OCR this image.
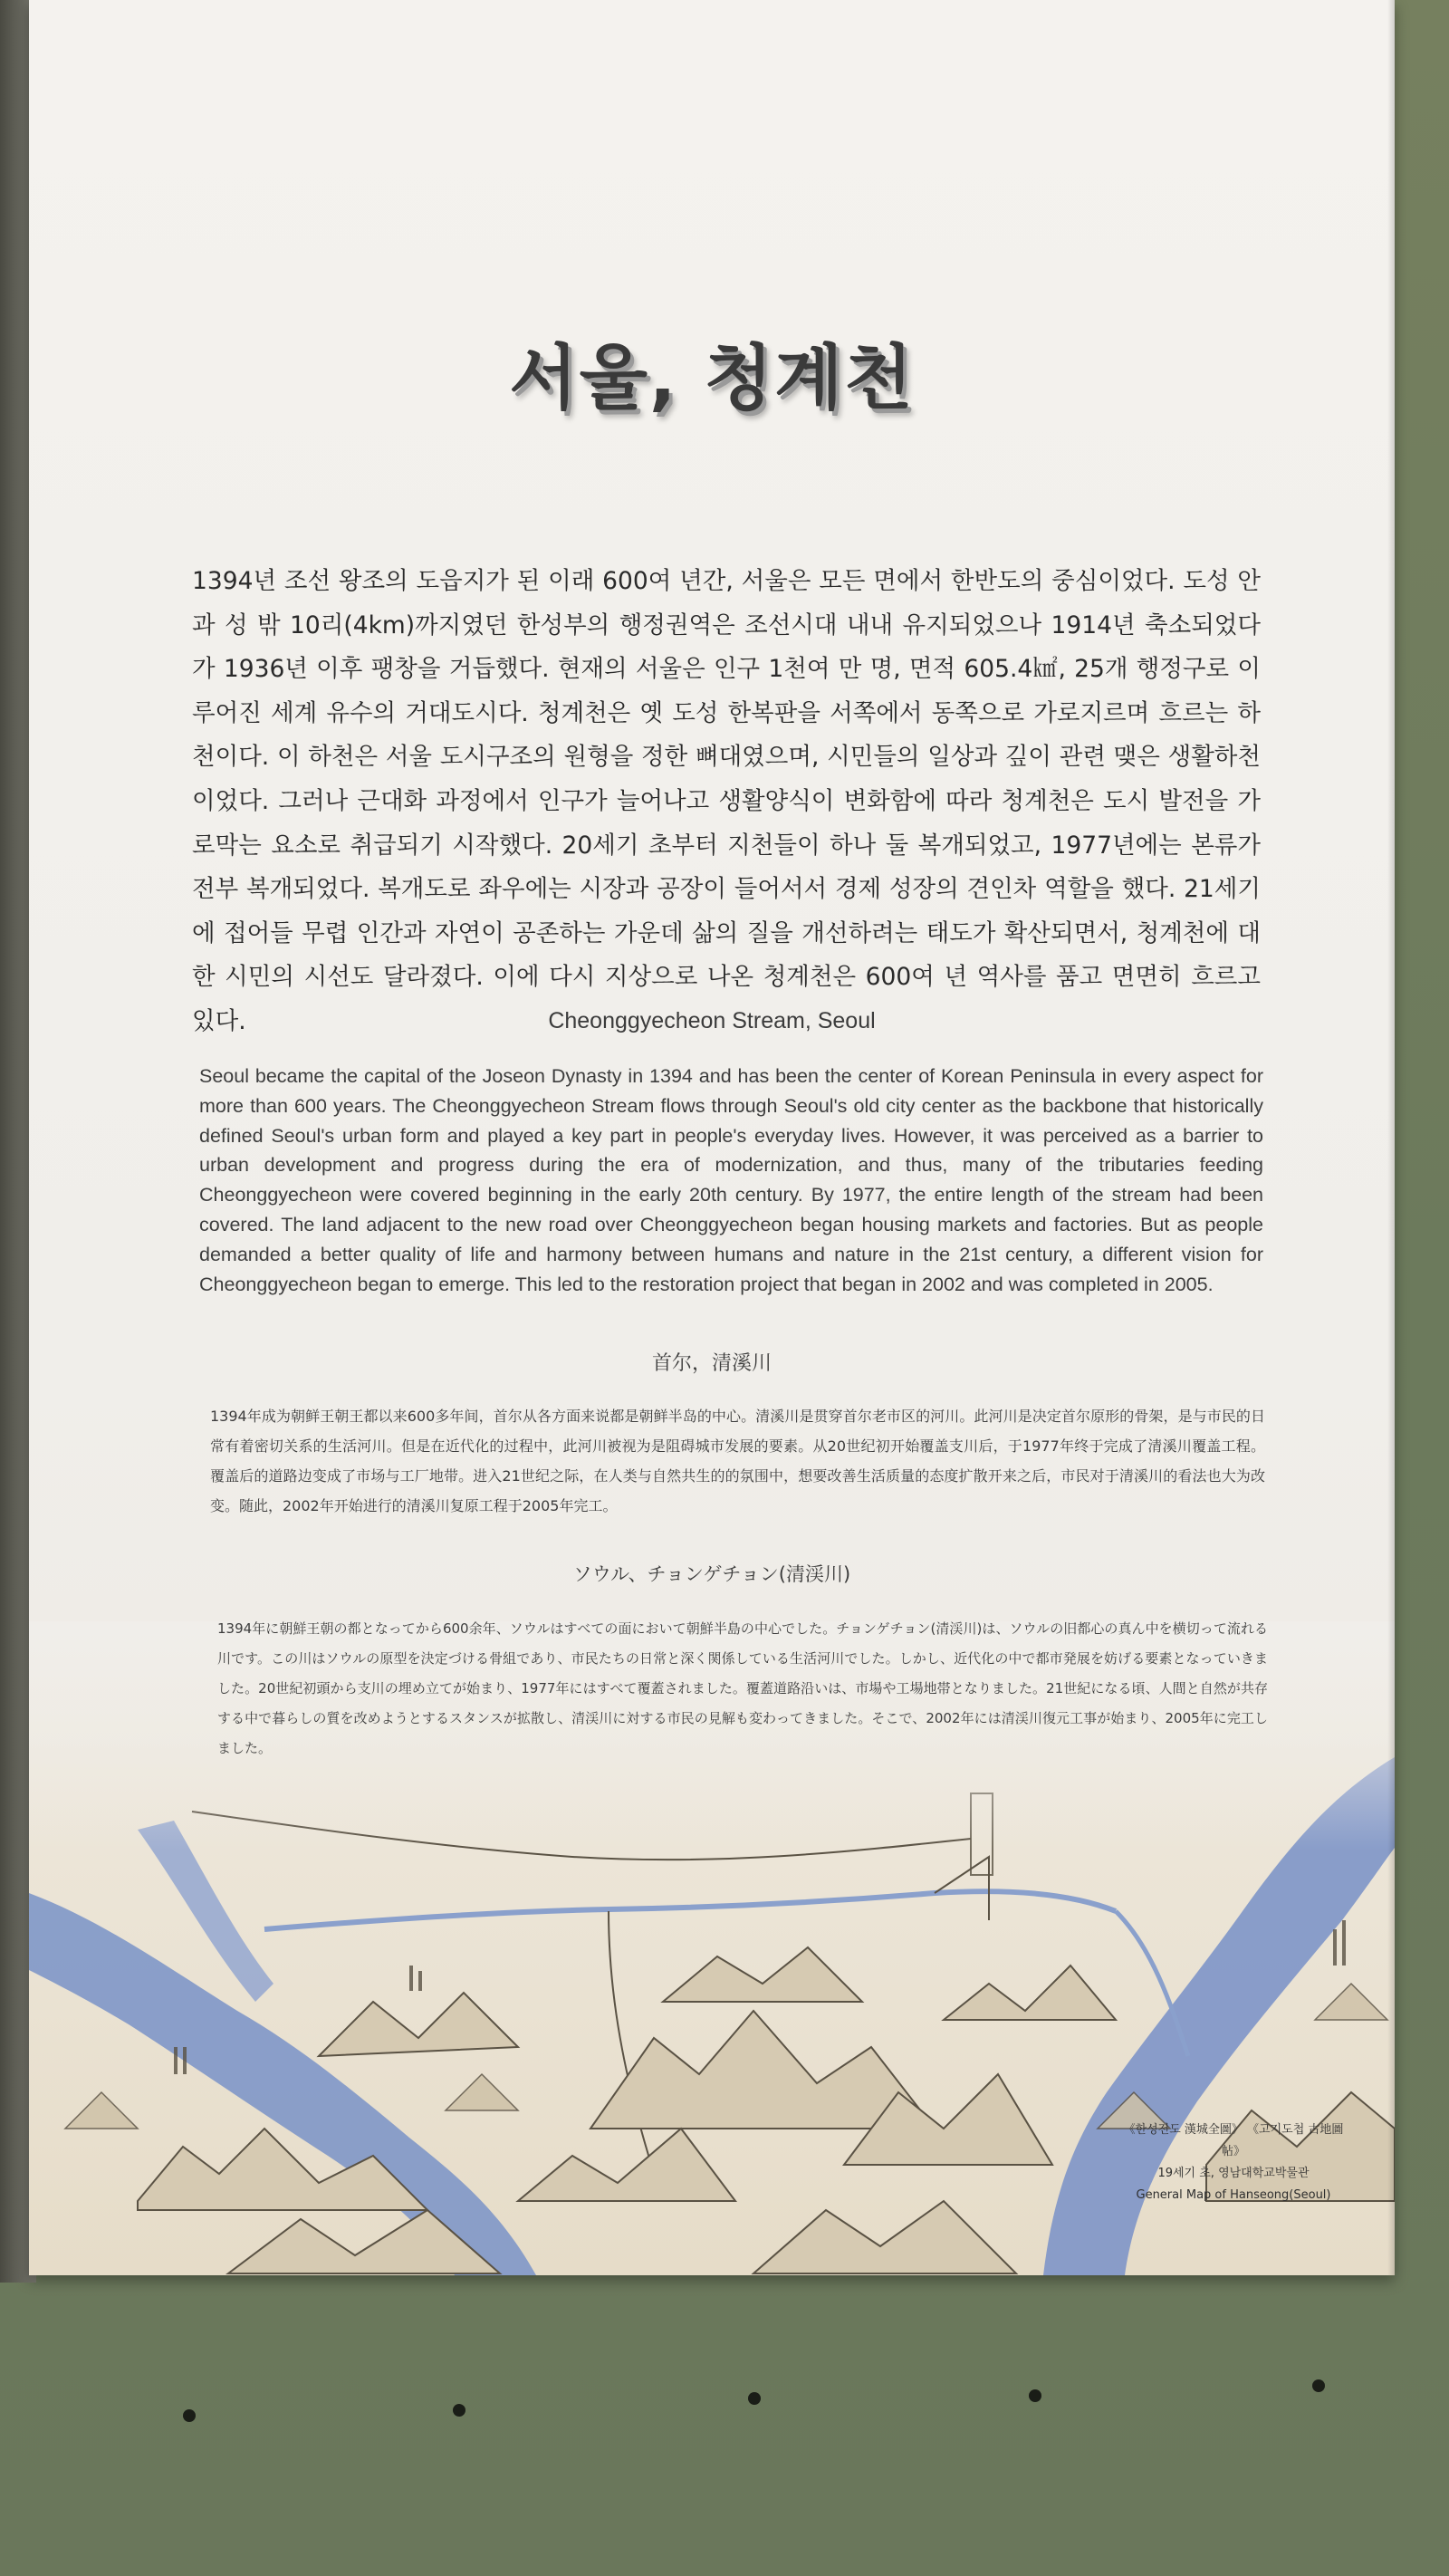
서울, 청계천
1394년 조선 왕조의 도읍지가 된 이래 600여 년간, 서울은 모든 면에서 한반도의 중심이었다. 도성 안과 성 밖 10리(4km)까지였던 한성부의 행정권역은 조선시대 내내 유지되었으나 1914년 축소되었다가 1936년 이후 팽창을 거듭했다. 현재의 서울은 인구 1천여 만 명, 면적 605.4㎢, 25개 행정구로 이루어진 세계 유수의 거대도시다. 청계천은 옛 도성 한복판을 서쪽에서 동쪽으로 가로지르며 흐르는 하천이다. 이 하천은 서울 도시구조의 원형을 정한 뼈대였으며, 시민들의 일상과 깊이 관련 맺은 생활하천이었다. 그러나 근대화 과정에서 인구가 늘어나고 생활양식이 변화함에 따라 청계천은 도시 발전을 가로막는 요소로 취급되기 시작했다. 20세기 초부터 지천들이 하나 둘 복개되었고, 1977년에는 본류가 전부 복개되었다. 복개도로 좌우에는 시장과 공장이 들어서서 경제 성장의 견인차 역할을 했다. 21세기에 접어들 무렵 인간과 자연이 공존하는 가운데 삶의 질을 개선하려는 태도가 확산되면서, 청계천에 대한 시민의 시선도 달라졌다. 이에 다시 지상으로 나온 청계천은 600여 년 역사를 품고 면면히 흐르고 있다.	Cheonggyecheon Stream, Seoul
Seoul became the capital of the Joseon Dynasty in 1394 and has been the center of Korean Peninsula in every aspect for more than 600 years. The Cheonggyecheon Stream flows through Seoul's old city center as the backbone that historically defined Seoul's urban form and played a key part in people's everyday lives. However, it was perceived as a barrier to urban development and progress during the era of modernization, and thus, many of the tributaries feeding Cheonggyecheon were covered beginning in the early 20th century. By 1977, the entire length of the stream had been covered. The land adjacent to the new road over Cheonggyecheon began housing markets and factories. But as people demanded a better quality of life and harmony between humans and nature in the 21st century, a different vision for Cheonggyecheon began to emerge. This led to the restoration project that began in 2002 and was completed in 2005.
首尔，清溪川
1394年成为朝鲜王朝王都以来600多年间，首尔从各方面来说都是朝鲜半岛的中心。清溪川是贯穿首尔老市区的河川。此河川是决定首尔原形的骨架，是与市民的日常有着密切关系的生活河川。但是在近代化的过程中，此河川被视为是阻碍城市发展的要素。从20世纪初开始覆盖支川后，于1977年终于完成了清溪川覆盖工程。覆盖后的道路边变成了市场与工厂地带。进入21世纪之际，在人类与自然共生的的氛围中，想要改善生活质量的态度扩散开来之后，市民对于清溪川的看法也大为改变。随此，2002年开始进行的清溪川复原工程于2005年完工。
ソウル、チョンゲチョン(清渓川)
1394年に朝鮮王朝の都となってから600余年、ソウルはすべての面において朝鮮半島の中心でした。チョンゲチョン(清渓川)は、ソウルの旧都心の真ん中を横切って流れる川です。この川はソウルの原型を決定づける骨組であり、市民たちの日常と深く関係している生活河川でした。しかし、近代化の中で都市発展を妨げる要素となっていきました。20世紀初頭から支川の埋め立てが始まり、1977年にはすべて覆蓋されました。覆蓋道路沿いは、市場や工場地帯となりました。21世紀になる頃、人間と自然が共存する中で暮らしの質を改めようとするスタンスが拡散し、清渓川に対する市民の見解も変わってきました。そこで、2002年には清渓川復元工事が始まり、2005年に完工しました。
《한성전도 漢城全圖》 《고지도첩 古地圖帖》
19세기 초, 영남대학교박물관
General Map of Hanseong(Seoul)
